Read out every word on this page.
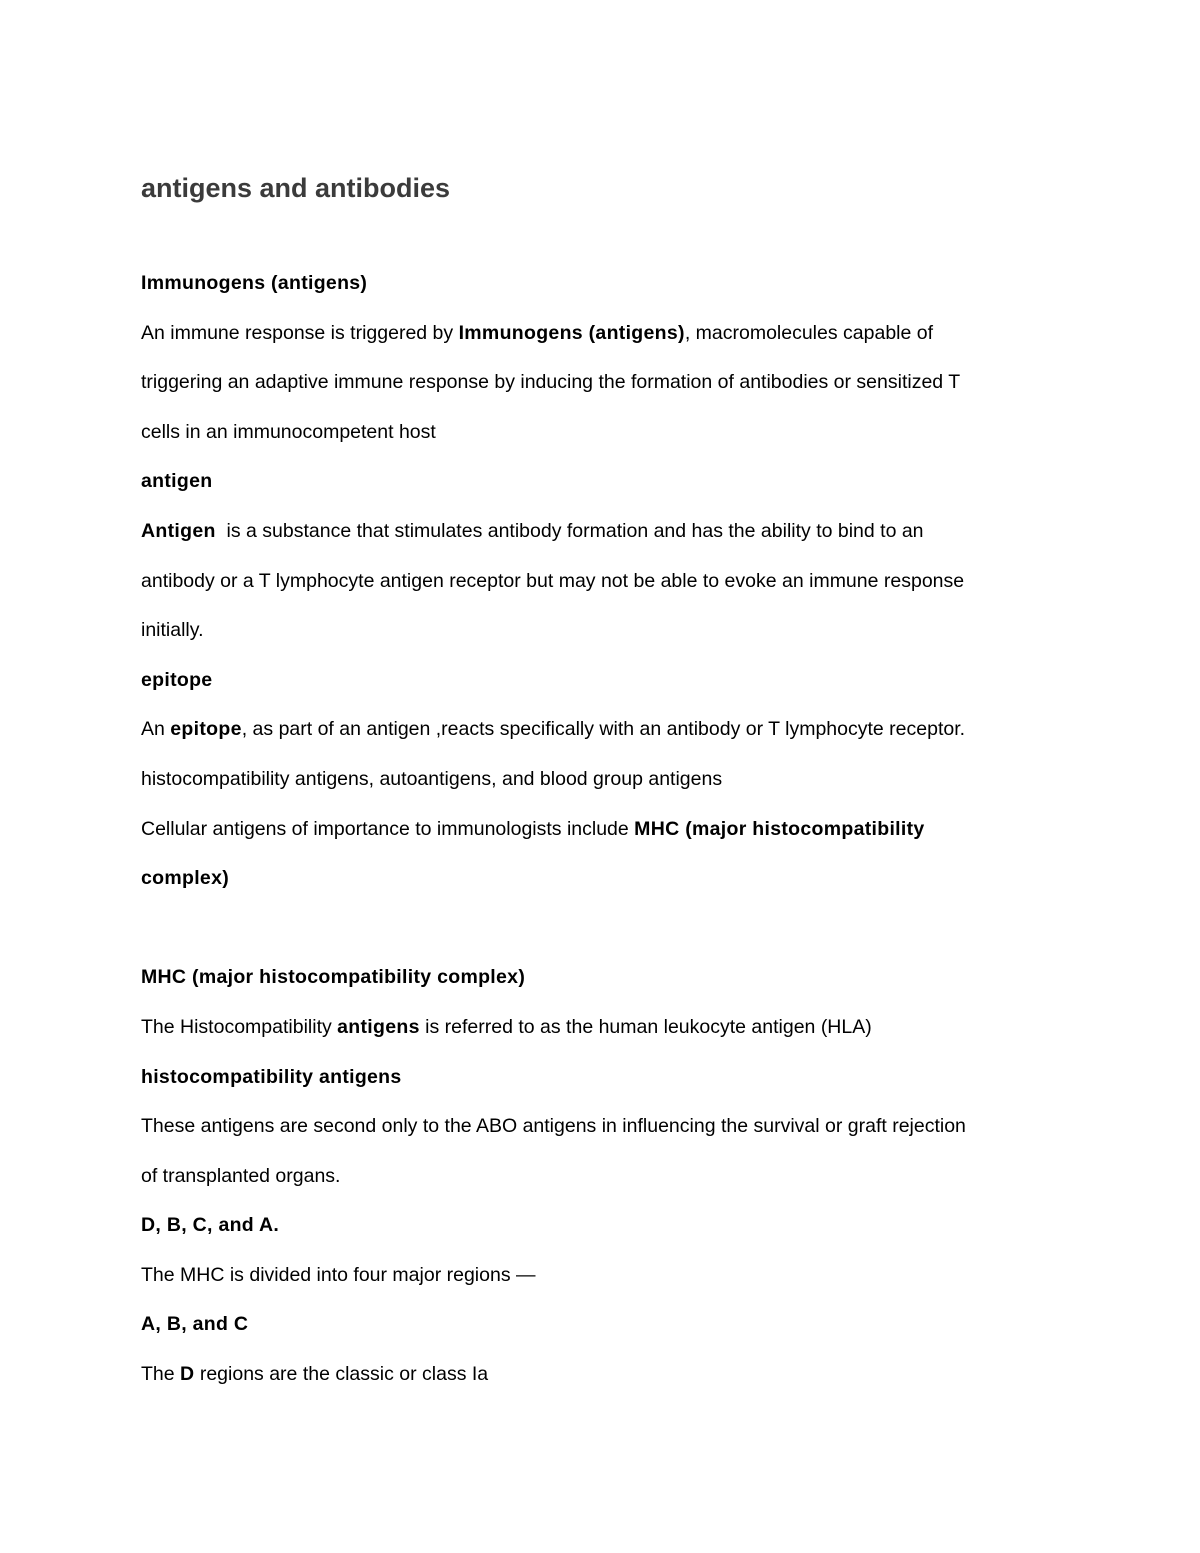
antigens and antibodies

Immunogens (antigens)

An immune response is triggered by Immunogens (antigens), macromolecules capable of

triggering an adaptive immune response by inducing the formation of antibodies or sensitized T

cells in an immunocompetent host

antigen

Antigen  is a substance that stimulates antibody formation and has the ability to bind to an

antibody or a T lymphocyte antigen receptor but may not be able to evoke an immune response

initially.

epitope

An epitope, as part of an antigen ,reacts specifically with an antibody or T lymphocyte receptor.

histocompatibility antigens, autoantigens, and blood group antigens

Cellular antigens of importance to immunologists include MHC (major histocompatibility

complex)

MHC (major histocompatibility complex)

The Histocompatibility antigens is referred to as the human leukocyte antigen (HLA)

histocompatibility antigens

These antigens are second only to the ABO antigens in influencing the survival or graft rejection

of transplanted organs.

D, B, C, and A.

The MHC is divided into four major regions —

A, B, and C

The D regions are the classic or class Ia
